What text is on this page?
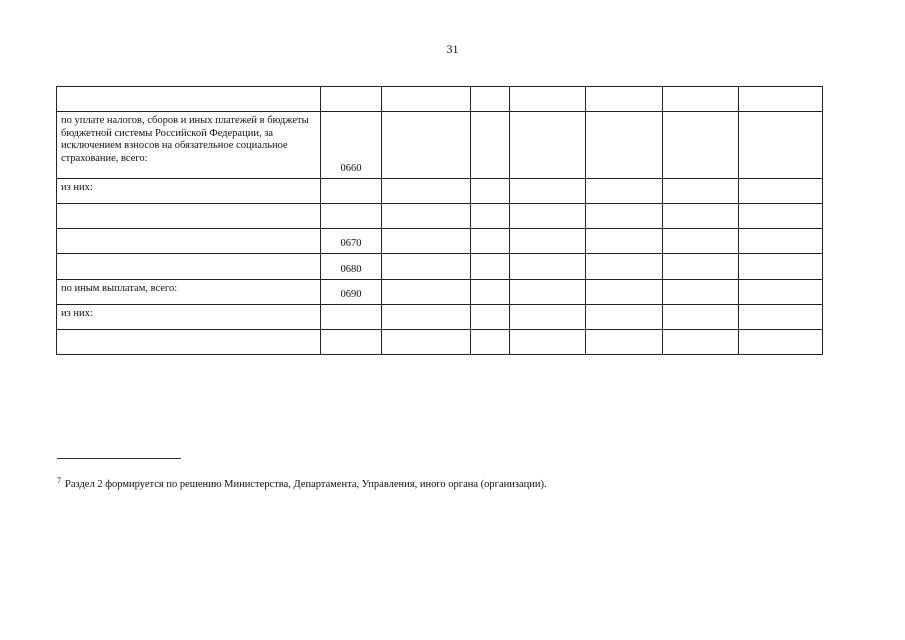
31

по уплате налогов, сборов и иных платежей в бюджеты бюджетной системы Российской Федерации, за исключением взносов на обязательное социальное страхование, всего:	0660						
из них:							

	0670						
	0680						
по иным выплатам, всего:	0690						
из них:							

$^7$ Раздел 2 формируется по решению Министерства, Департамента, Управления, иного органа (организации).
